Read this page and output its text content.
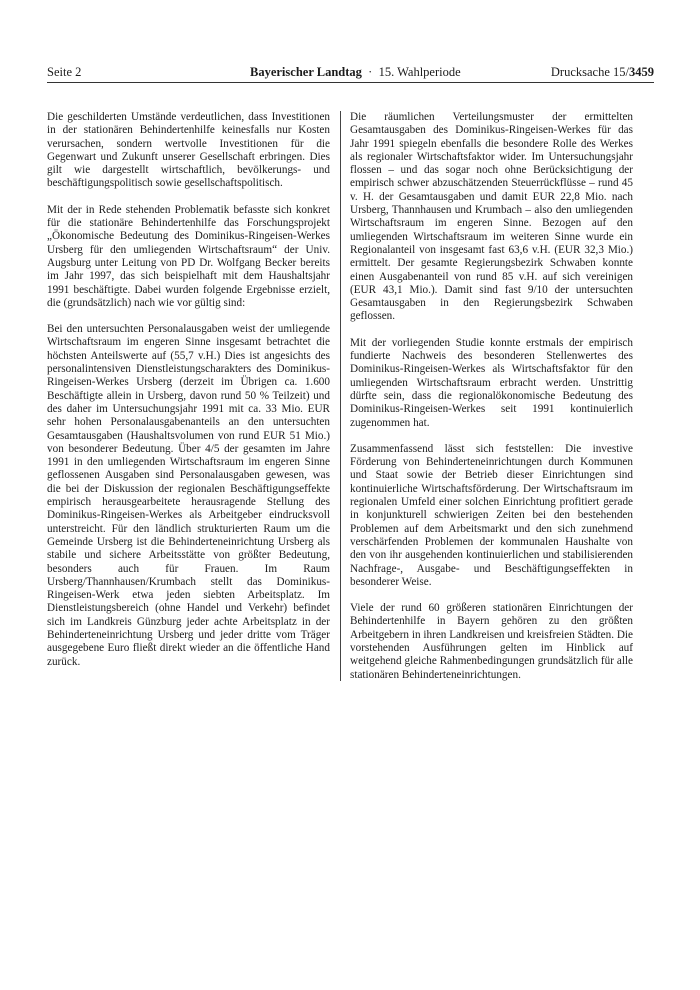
Seite 2	Bayerischer Landtag · 15. Wahlperiode	Drucksache 15/3459

Die geschilderten Umstände verdeutlichen, dass Investitionen in der stationären Behindertenhilfe keinesfalls nur Kosten verursachen, sondern wertvolle Investitionen für die Gegenwart und Zukunft unserer Gesellschaft erbringen. Dies gilt wie dargestellt wirtschaftlich, bevölkerungs- und beschäftigungspolitisch sowie gesellschaftspolitisch.

Mit der in Rede stehenden Problematik befasste sich konkret für die stationäre Behindertenhilfe das Forschungsprojekt „Ökonomische Bedeutung des Dominikus-Ringeisen-Werkes Ursberg für den umliegenden Wirtschaftsraum“ der Univ. Augsburg unter Leitung von PD Dr. Wolfgang Becker bereits im Jahr 1997, das sich beispielhaft mit dem Haushaltsjahr 1991 beschäftigte. Dabei wurden folgende Ergebnisse erzielt, die (grundsätzlich) nach wie vor gültig sind:

Bei den untersuchten Personalausgaben weist der umliegende Wirtschaftsraum im engeren Sinne insgesamt betrachtet die höchsten Anteilswerte auf (55,7 v.H.) Dies ist angesichts des personalintensiven Dienstleistungscharakters des Dominikus-Ringeisen-Werkes Ursberg (derzeit im Übrigen ca. 1.600 Beschäftigte allein in Ursberg, davon rund 50 % Teilzeit) und des daher im Untersuchungsjahr 1991 mit ca. 33 Mio. EUR sehr hohen Personalausgabenanteils an den untersuchten Gesamtausgaben (Haushaltsvolumen von rund EUR 51 Mio.) von besonderer Bedeutung. Über 4/5 der gesamten im Jahre 1991 in den umliegenden Wirtschaftsraum im engeren Sinne geflossenen Ausgaben sind Personalausgaben gewesen, was die bei der Diskussion der regionalen Beschäftigungseffekte empirisch herausgearbeitete herausragende Stellung des Dominikus-Ringeisen-Werkes als Arbeitgeber eindrucksvoll unterstreicht. Für den ländlich strukturierten Raum um die Gemeinde Ursberg ist die Behinderteneinrichtung Ursberg als stabile und sichere Arbeitsstätte von größter Bedeutung, besonders auch für Frauen. Im Raum Ursberg/Thannhausen/Krumbach stellt das Dominikus-Ringeisen-Werk etwa jeden siebten Arbeitsplatz. Im Dienstleistungsbereich (ohne Handel und Verkehr) befindet sich im Landkreis Günzburg jeder achte Arbeitsplatz in der Behinderteneinrichtung Ursberg und jeder dritte vom Träger ausgegebene Euro fließt direkt wieder an die öffentliche Hand zurück.

Die räumlichen Verteilungsmuster der ermittelten Gesamtausgaben des Dominikus-Ringeisen-Werkes für das Jahr 1991 spiegeln ebenfalls die besondere Rolle des Werkes als regionaler Wirtschaftsfaktor wider. Im Untersuchungsjahr flossen – und das sogar noch ohne Berücksichtigung der empirisch schwer abzuschätzenden Steuerrückflüsse – rund 45 v. H. der Gesamtausgaben und damit EUR 22,8 Mio. nach Ursberg, Thannhausen und Krumbach – also den umliegenden Wirtschaftsraum im engeren Sinne. Bezogen auf den umliegenden Wirtschaftsraum im weiteren Sinne wurde ein Regionalanteil von insgesamt fast 63,6 v.H. (EUR 32,3 Mio.) ermittelt. Der gesamte Regierungsbezirk Schwaben konnte einen Ausgabenanteil von rund 85 v.H. auf sich vereinigen (EUR 43,1 Mio.). Damit sind fast 9/10 der untersuchten Gesamtausgaben in den Regierungsbezirk Schwaben geflossen.

Mit der vorliegenden Studie konnte erstmals der empirisch fundierte Nachweis des besonderen Stellenwertes des Dominikus-Ringeisen-Werkes als Wirtschaftsfaktor für den umliegenden Wirtschaftsraum erbracht werden. Unstrittig dürfte sein, dass die regionalökonomische Bedeutung des Dominikus-Ringeisen-Werkes seit 1991 kontinuierlich zugenommen hat.

Zusammenfassend lässt sich feststellen: Die investive Förderung von Behinderteneinrichtungen durch Kommunen und Staat sowie der Betrieb dieser Einrichtungen sind kontinuierliche Wirtschaftsförderung. Der Wirtschaftsraum im regionalen Umfeld einer solchen Einrichtung profitiert gerade in konjunkturell schwierigen Zeiten bei den bestehenden Problemen auf dem Arbeitsmarkt und den sich zunehmend verschärfenden Problemen der kommunalen Haushalte von den von ihr ausgehenden kontinuierlichen und stabilisierenden Nachfrage-, Ausgabe- und Beschäftigungseffekten in besonderer Weise.

Viele der rund 60 größeren stationären Einrichtungen der Behindertenhilfe in Bayern gehören zu den größten Arbeitgebern in ihren Landkreisen und kreisfreien Städten. Die vorstehenden Ausführungen gelten im Hinblick auf weitgehend gleiche Rahmenbedingungen grundsätzlich für alle stationären Behinderteneinrichtungen.
